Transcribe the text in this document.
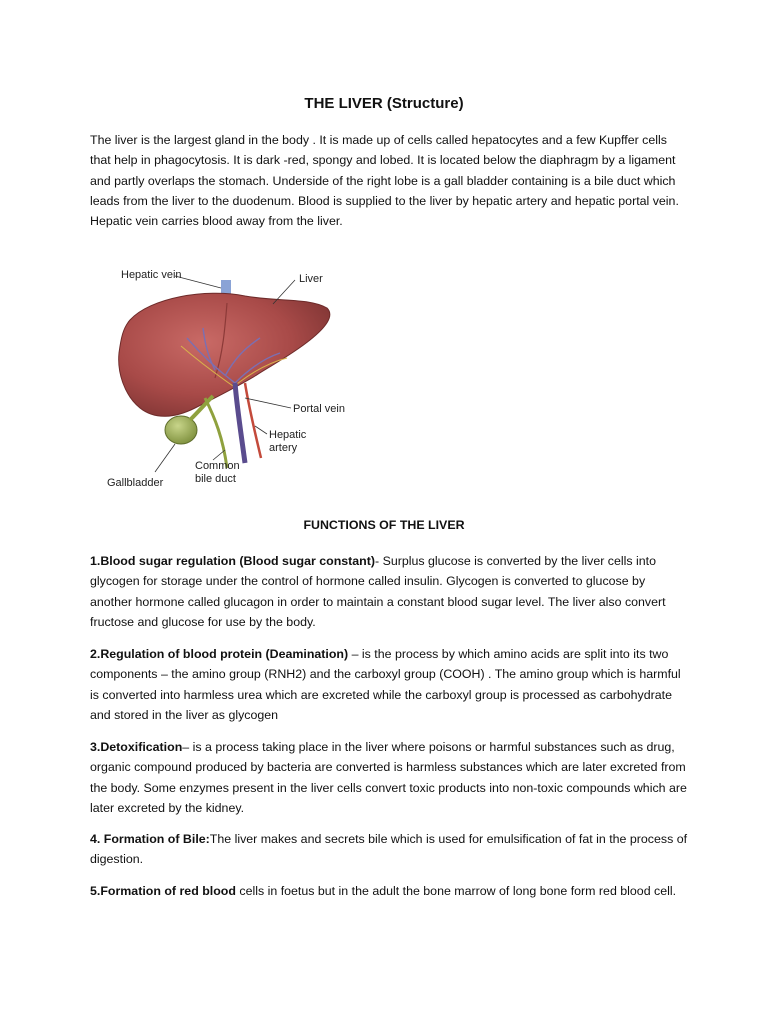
THE LIVER (Structure)

The liver is the largest gland in the body . It is made up of cells called hepatocytes and a few Kupffer cells that help in phagocytosis. It is dark -red, spongy and lobed. It is located below the diaphragm by a ligament and partly overlaps the stomach. Underside of the right lobe is a gall bladder containing is a bile duct which leads from the liver to the duodenum. Blood is supplied to the liver by hepatic artery and hepatic portal vein. Hepatic vein carries blood away from the liver.

Hepatic vein	Liver
Portal vein
Hepatic
artery
Common
bile duct
Gallbladder
FUNCTIONS OF THE LIVER

1.Blood sugar regulation (Blood sugar constant)- Surplus glucose is converted by the liver cells into glycogen for storage under the control of hormone called insulin. Glycogen is converted to glucose by another hormone called glucagon in order to maintain a constant blood sugar level. The liver also convert fructose and glucose for use by the body.

2.Regulation of blood protein (Deamination) – is the process by which amino acids are split into its two components – the amino group (RNH2) and the carboxyl group (COOH) . The amino group which is harmful is converted into harmless urea which are excreted while the carboxyl group is processed as carbohydrate and stored in the liver as glycogen

3.Detoxification– is a process taking place in the liver where poisons or harmful substances such as drug, organic compound produced by bacteria are converted is harmless substances which are later excreted from the body. Some enzymes present in the liver cells convert toxic products into non-toxic compounds which are later excreted by the kidney.

4. Formation of Bile:The liver makes and secrets bile which is used for emulsification of fat in the process of digestion.

5.Formation of red blood cells in foetus but in the adult the bone marrow of long bone form red blood cell.
